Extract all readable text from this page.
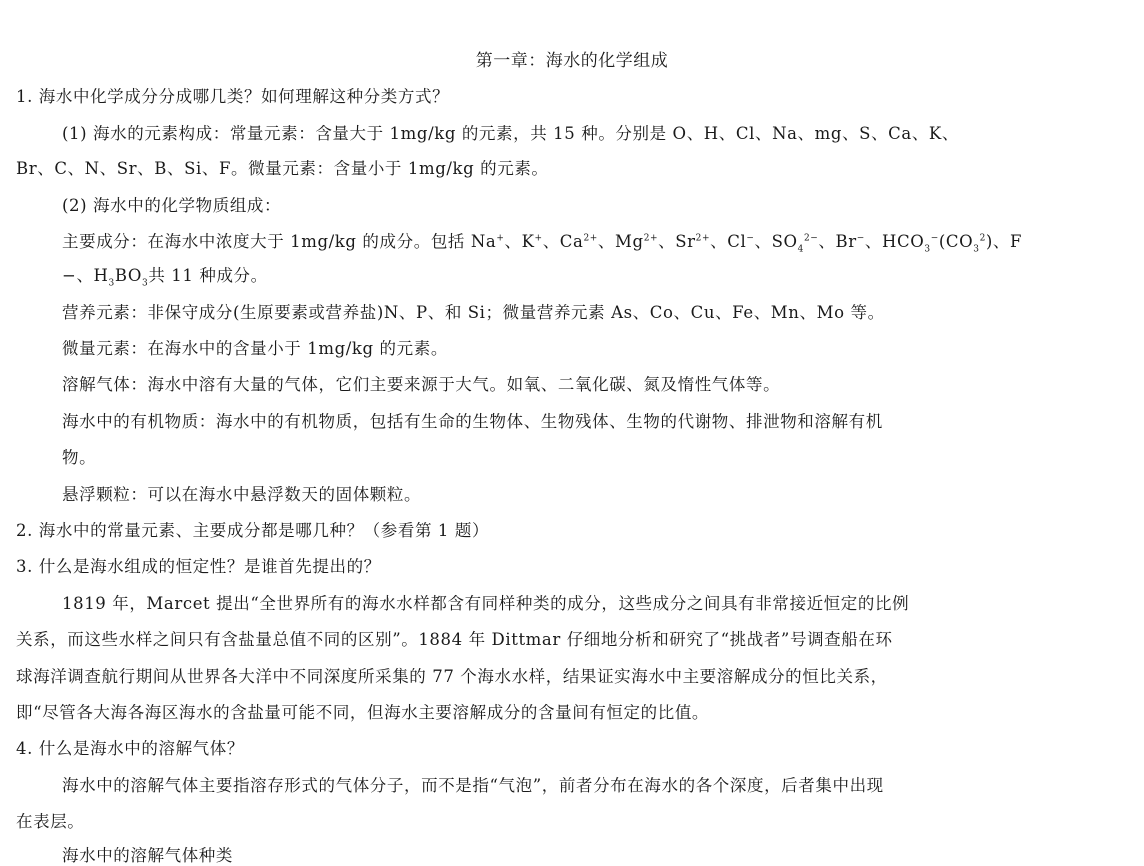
第一章：海水的化学组成
1. 海水中化学成分分成哪几类？如何理解这种分类方式？
(1) 海水的元素构成：常量元素：含量大于 1mg/kg 的元素，共 15 种。分别是 O、H、Cl、Na、mg、S、Ca、K、
Br、C、N、Sr、B、Si、F。微量元素：含量小于 1mg/kg 的元素。
(2) 海水中的化学物质组成：
主要成分：在海水中浓度大于 1mg/kg 的成分。包括 Na+、K+、$Ca^{2+}$、$Mg^{2+}$、$Sr^{2+}$、Cl−、$SO_4^{2-}$、Br−、$HCO_3^-(CO_3^2)$、F
−、$H_3BO_3$共 11 种成分。
营养元素：非保守成分(生原要素或营养盐)N、P、和 Si；微量营养元素 As、Co、Cu、Fe、Mn、Mo 等。
微量元素：在海水中的含量小于 1mg/kg 的元素。
溶解气体：海水中溶有大量的气体，它们主要来源于大气。如氧、二氧化碳、氮及惰性气体等。
海水中的有机物质：海水中的有机物质，包括有生命的生物体、生物残体、生物的代谢物、排泄物和溶解有机
物。
悬浮颗粒：可以在海水中悬浮数天的固体颗粒。
2. 海水中的常量元素、主要成分都是哪几种？（参看第 1 题）
3. 什么是海水组成的恒定性？是谁首先提出的？
1819 年，Marcet 提出“全世界所有的海水水样都含有同样种类的成分，这些成分之间具有非常接近恒定的比例
关系，而这些水样之间只有含盐量总值不同的区别”。1884 年 Dittmar 仔细地分析和研究了“挑战者”号调查船在环
球海洋调查航行期间从世界各大洋中不同深度所采集的 77 个海水水样，结果证实海水中主要溶解成分的恒比关系，
即“尽管各大海各海区海水的含盐量可能不同，但海水主要溶解成分的含量间有恒定的比值。
4. 什么是海水中的溶解气体？
海水中的溶解气体主要指溶存形式的气体分子，而不是指“气泡”，前者分布在海水的各个深度，后者集中出现
在表层。
海水中的溶解气体种类
